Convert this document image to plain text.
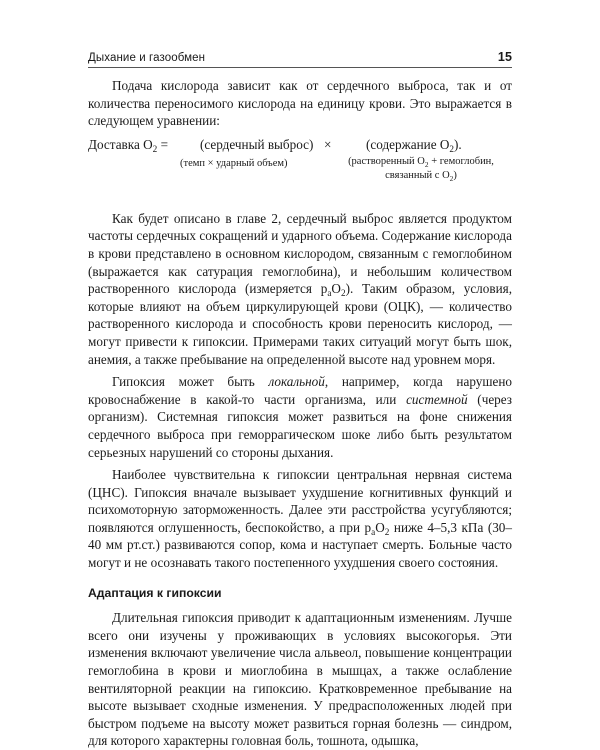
Дыхание и газообмен	15

Подача кислорода зависит как от сердечного выброса, так и от количества переносимого кислорода на единицу крови. Это выражается в следующем уравнении:

Доставка $O_2$ = (сердечный выброс)
(темп × ударный объем)
×	(содержание $O_2$).
(растворенный $O_2$ + гемоглобин,
связанный с $O_2$)

Как будет описано в главе 2, сердечный выброс является продуктом частоты сердечных сокращений и ударного объема. Содержание кислорода в крови представлено в основном кислородом, связанным с гемоглобином (выражается как сатурация гемоглобина), и небольшим количеством растворенного кислорода (измеряется $p_aO_2$). Таким образом, условия, которые влияют на объем циркулирующей крови (ОЦК), — количество растворенного кислорода и способность крови переносить кислород, — могут привести к гипоксии. Примерами таких ситуаций могут быть шок, анемия, а также пребывание на определенной высоте над уровнем моря.

Гипоксия может быть локальной, например, когда нарушено кровоснабжение в какой-то части организма, или системной (через организм). Системная гипоксия может развиться на фоне снижения сердечного выброса при геморрагическом шоке либо быть результатом серьезных нарушений со стороны дыхания.

Наиболее чувствительна к гипоксии центральная нервная система (ЦНС). Гипоксия вначале вызывает ухудшение когнитивных функций и психомоторную заторможенность. Далее эти расстройства усугубляются; появляются оглушенность, беспокойство, а при $p_aO_2$ ниже 4–5,3 кПа (30–40 мм рт.ст.) развиваются сопор, кома и наступает смерть. Больные часто могут и не осознавать такого постепенного ухудшения своего состояния.

Адаптация к гипоксии

Длительная гипоксия приводит к адаптационным изменениям. Лучше всего они изучены у проживающих в условиях высокогорья. Эти изменения включают увеличение числа альвеол, повышение концентрации гемоглобина в крови и миоглобина в мышцах, а также ослабление вентиляторной реакции на гипоксию. Кратковременное пребывание на высоте вызывает сходные изменения. У предрасположенных людей при быстром подъеме на высоту может развиться горная болезнь — синдром, для которого характерны головная боль, тошнота, одышка,
